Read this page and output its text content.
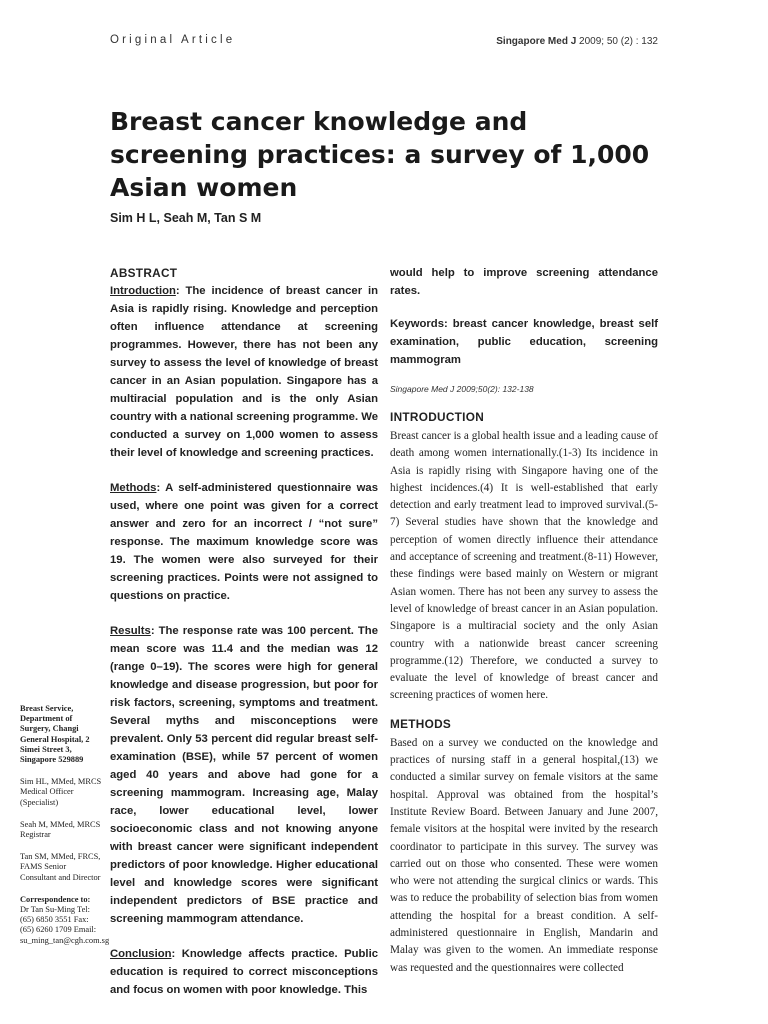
Original Article	Singapore Med J 2009; 50 (2) : 132
Breast cancer knowledge and screening practices: a survey of 1,000 Asian women
Sim H L, Seah M, Tan S M
ABSTRACT

Introduction: The incidence of breast cancer in Asia is rapidly rising. Knowledge and perception often influence attendance at screening programmes. However, there has not been any survey to assess the level of knowledge of breast cancer in an Asian population. Singapore has a multiracial population and is the only Asian country with a national screening programme. We conducted a survey on 1,000 women to assess their level of knowledge and screening practices.

Methods: A self-administered questionnaire was used, where one point was given for a correct answer and zero for an incorrect / “not sure” response. The maximum knowledge score was 19. The women were also surveyed for their screening practices. Points were not assigned to questions on practice.

Results: The response rate was 100 percent. The mean score was 11.4 and the median was 12 (range 0–19). The scores were high for general knowledge and disease progression, but poor for risk factors, screening, symptoms and treatment. Several myths and misconceptions were prevalent. Only 53 percent did regular breast self-examination (BSE), while 57 percent of women aged 40 years and above had gone for a screening mammogram. Increasing age, Malay race, lower educational level, lower socioeconomic class and not knowing anyone with breast cancer were significant independent predictors of poor knowledge. Higher educational level and knowledge scores were significant independent predictors of BSE practice and screening mammogram attendance.

Conclusion: Knowledge affects practice. Public education is required to correct misconceptions and focus on women with poor knowledge. This

would help to improve screening attendance rates.

Keywords: breast cancer knowledge, breast self examination, public education, screening mammogram

Singapore Med J 2009;50(2): 132-138

INTRODUCTION

Breast cancer is a global health issue and a leading cause of death among women internationally.(1-3) Its incidence in Asia is rapidly rising with Singapore having one of the highest incidences.(4) It is well-established that early detection and early treatment lead to improved survival.(5-7) Several studies have shown that the knowledge and perception of women directly influence their attendance and acceptance of screening and treatment.(8-11) However, these findings were based mainly on Western or migrant Asian women. There has not been any survey to assess the level of knowledge of breast cancer in an Asian population. Singapore is a multiracial society and the only Asian country with a nationwide breast cancer screening programme.(12) Therefore, we conducted a survey to evaluate the level of knowledge of breast cancer and screening practices of women here.

METHODS

Based on a survey we conducted on the knowledge and practices of nursing staff in a general hospital,(13) we conducted a similar survey on female visitors at the same hospital. Approval was obtained from the hospital’s Institute Review Board. Between January and June 2007, female visitors at the hospital were invited by the research coordinator to participate in this survey. The survey was carried out on those who consented. These were women who were not attending the surgical clinics or wards. This was to reduce the probability of selection bias from women attending the hospital for a breast condition. A self-administered questionnaire in English, Mandarin and Malay was given to the women. An immediate response was requested and the questionnaires were collected

Breast Service, Department of Surgery, Changi General Hospital, 2 Simei Street 3, Singapore 529889

Sim HL, MMed, MRCS Medical Officer (Specialist)

Seah M, MMed, MRCS Registrar

Tan SM, MMed, FRCS, FAMS Senior Consultant and Director

Correspondence to:
Dr Tan Su-Ming Tel: (65) 6850 3551 Fax: (65) 6260 1709 Email: su_ming_tan@cgh.com.sg
